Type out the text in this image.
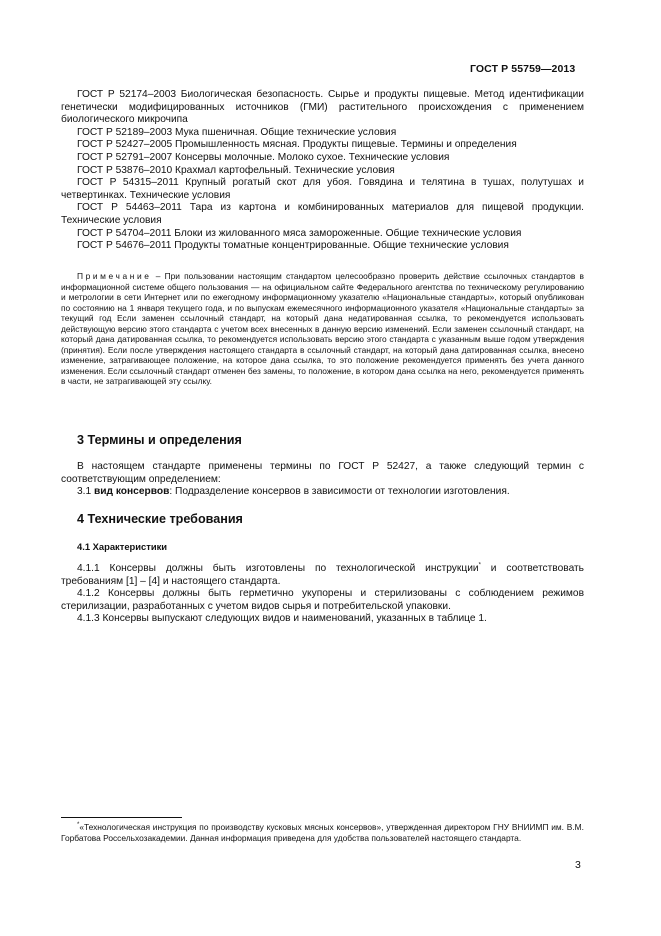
ГОСТ Р 55759—2013

ГОСТ Р 52174–2003 Биологическая безопасность. Сырье и продукты пищевые. Метод идентификации генетически модифицированных источников (ГМИ) растительного происхождения с применением биологического микрочипа

ГОСТ Р 52189–2003 Мука пшеничная. Общие технические условия

ГОСТ Р 52427–2005 Промышленность мясная. Продукты пищевые. Термины и определения

ГОСТ Р 52791–2007 Консервы молочные. Молоко сухое. Технические условия

ГОСТ Р 53876–2010 Крахмал картофельный. Технические условия

ГОСТ Р 54315–2011 Крупный рогатый скот для убоя. Говядина и телятина в тушах, полутушах и четвертинках. Технические условия

ГОСТ Р 54463–2011 Тара из картона и комбинированных материалов для пищевой продукции. Технические условия

ГОСТ Р 54704–2011 Блоки из жилованного мяса замороженные. Общие технические условия

ГОСТ Р 54676–2011 Продукты томатные концентрированные. Общие технические условия

Примечание – При пользовании настоящим стандартом целесообразно проверить действие ссылочных стандартов в информационной системе общего пользования — на официальном сайте Федерального агентства по техническому регулированию и метрологии в сети Интернет или по ежегодному информационному указателю «Национальные стандарты», который опубликован по состоянию на 1 января текущего года, и по выпускам ежемесячного информационного указателя «Национальные стандарты» за текущий год Если заменен ссылочный стандарт, на который дана недатированная ссылка, то рекомендуется использовать действующую версию этого стандарта с учетом всех внесенных в данную версию изменений. Если заменен ссылочный стандарт, на который дана датированная ссылка, то рекомендуется использовать версию этого стандарта с указанным выше годом утверждения (принятия). Если после утверждения настоящего стандарта в ссылочный стандарт, на который дана датированная ссылка, внесено изменение, затрагивающее положение, на которое дана ссылка, то это положение рекомендуется применять без учета данного изменения. Если ссылочный стандарт отменен без замены, то положение, в котором дана ссылка на него, рекомендуется применять в части, не затрагивающей эту ссылку.

3 Термины и определения

В настоящем стандарте применены термины по ГОСТ Р 52427, а также следующий термин с соответствующим определением:

3.1 вид консервов: Подразделение консервов в зависимости от технологии изготовления.

4 Технические требования

4.1 Характеристики

4.1.1 Консервы должны быть изготовлены по технологической инструкции* и соответствовать требованиям [1] – [4] и настоящего стандарта.

4.1.2 Консервы должны быть герметично укупорены и стерилизованы с соблюдением режимов стерилизации, разработанных с учетом видов сырья и потребительской упаковки.

4.1.3 Консервы выпускают следующих видов и наименований, указанных в таблице 1.

*«Технологическая инструкция по производству кусковых мясных консервов», утвержденная директором ГНУ ВНИИМП им. В.М. Горбатова Россельхозакадемии. Данная информация приведена для удобства пользователей настоящего стандарта.

3
